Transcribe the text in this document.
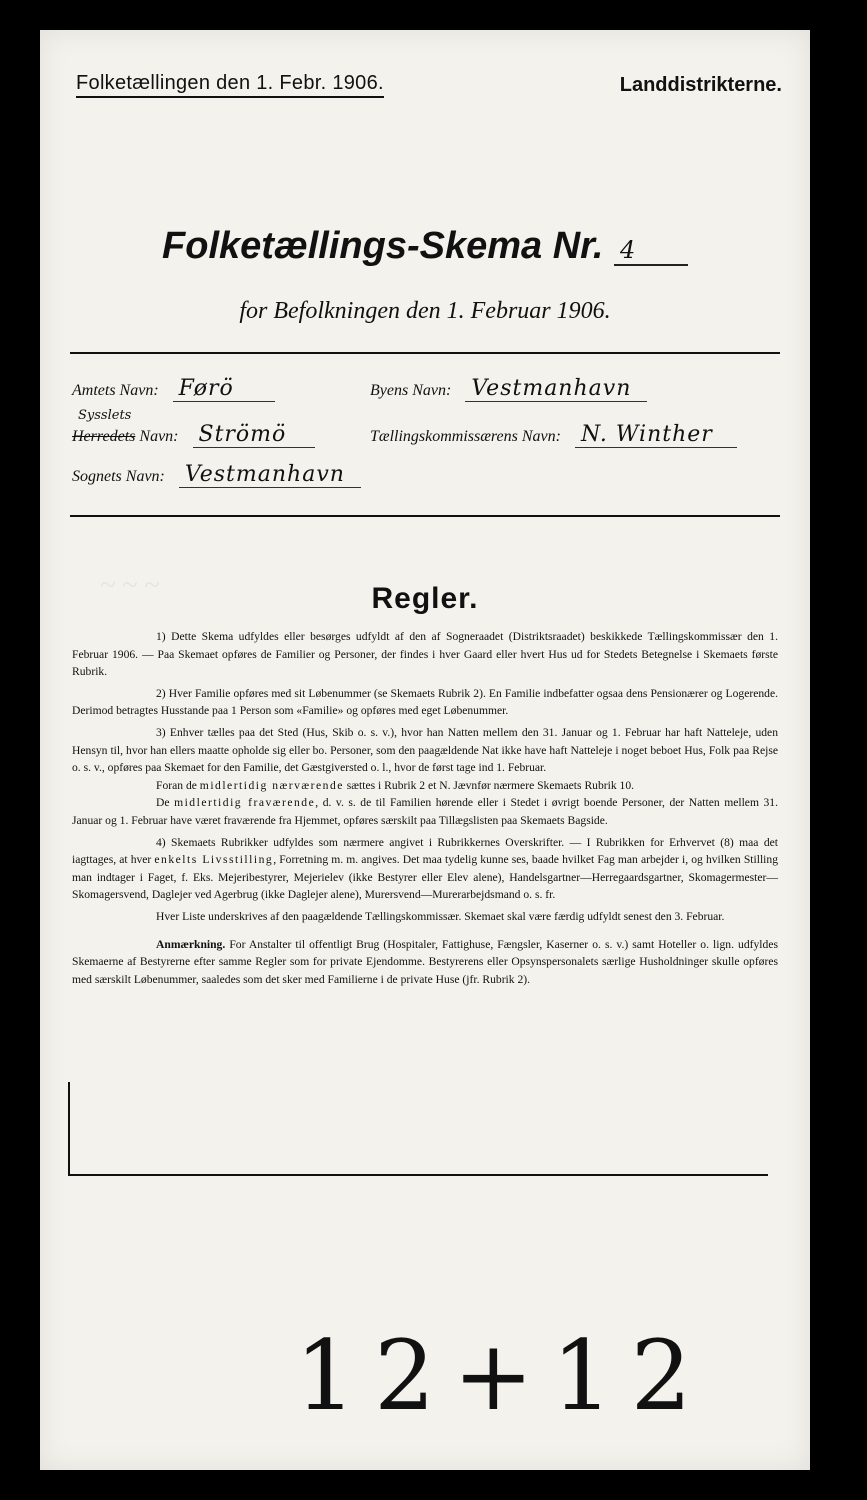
~ ~ ~
Folketællingen den 1. Febr. 1906.	Landdistrikterne.
Folketællings-Skema Nr. 4
for Befolkningen den 1. Februar 1906.
Amtets Navn: Førö	Byens Navn: Vestmanhavn
Sysslets
Herredets Navn: Strömö	Tællingskommissærens Navn: N. Winther
Sognets Navn: Vestmanhavn
Regler.

1) Dette Skema udfyldes eller besørges udfyldt af den af Sogneraadet (Distriktsraadet) beskikkede Tællingskommissær den 1. Februar 1906. — Paa Skemaet opføres de Familier og Personer, der findes i hver Gaard eller hvert Hus ud for Stedets Betegnelse i Skemaets første Rubrik.

2) Hver Familie opføres med sit Løbenummer (se Skemaets Rubrik 2). En Familie indbefatter ogsaa dens Pensionærer og Logerende. Derimod betragtes Husstande paa 1 Person som «Familie» og opføres med eget Løbenummer.

3) Enhver tælles paa det Sted (Hus, Skib o. s. v.), hvor han Natten mellem den 31. Januar og 1. Februar har haft Natteleje, uden Hensyn til, hvor han ellers maatte opholde sig eller bo. Personer, som den paagældende Nat ikke have haft Natteleje i noget beboet Hus, Folk paa Rejse o. s. v., opføres paa Skemaet for den Familie, det Gæstgiversted o. l., hvor de først tage ind 1. Februar.

Foran de midlertidig nærværende sættes i Rubrik 2 et N. Jævnfør nærmere Skemaets Rubrik 10.

De midlertidig fraværende, d. v. s. de til Familien hørende eller i Stedet i øvrigt boende Personer, der Natten mellem 31. Januar og 1. Februar have været fraværende fra Hjemmet, opføres særskilt paa Tillægslisten paa Skemaets Bagside.

4) Skemaets Rubrikker udfyldes som nærmere angivet i Rubrikkernes Overskrifter. — I Rubrikken for Erhvervet (8) maa det iagttages, at hver enkelts Livsstilling, Forretning m. m. angives. Det maa tydelig kunne ses, baade hvilket Fag man arbejder i, og hvilken Stilling man indtager i Faget, f. Eks. Mejeribestyrer, Mejerielev (ikke Bestyrer eller Elev alene), Handelsgartner—Herregaardsgartner, Skomagermester—Skomagersvend, Daglejer ved Agerbrug (ikke Daglejer alene), Murersvend—Murerarbejdsmand o. s. fr.

Hver Liste underskrives af den paagældende Tællingskommissær. Skemaet skal være færdig udfyldt senest den 3. Februar.

Anmærkning. For Anstalter til offentligt Brug (Hospitaler, Fattighuse, Fængsler, Kaserner o. s. v.) samt Hoteller o. lign. udfyldes Skemaerne af Bestyrerne efter samme Regler som for private Ejendomme. Bestyrerens eller Opsynspersonalets særlige Husholdninger skulle opføres med særskilt Løbenummer, saaledes som det sker med Familierne i de private Huse (jfr. Rubrik 2).

12+12
